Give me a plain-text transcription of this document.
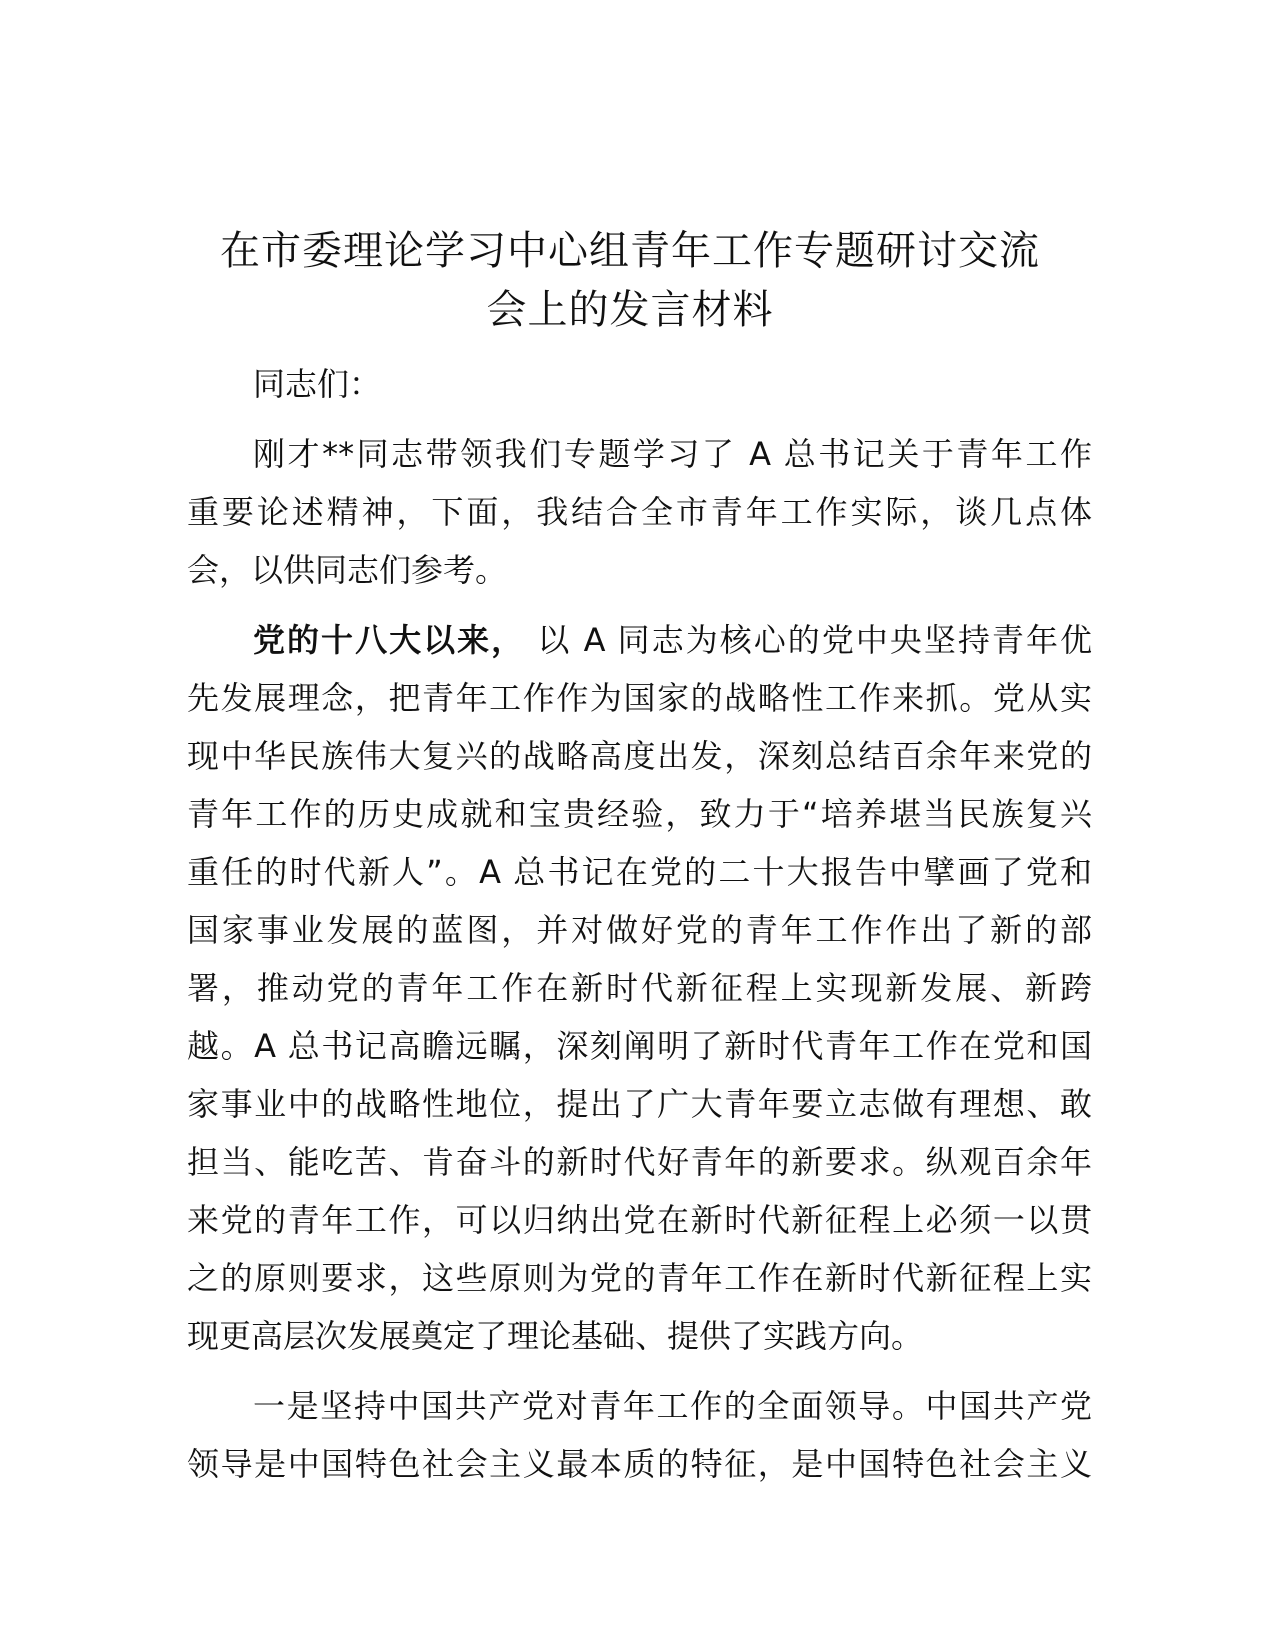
在市委理论学习中心组青年工作专题研讨交流
会上的发言材料

同志们：

刚才**同志带领我们专题学习了 A 总书记关于青年工作
重要论述精神，下面，我结合全市青年工作实际，谈几点体
会，以供同志们参考。

党的十八大以来， 以 A 同志为核心的党中央坚持青年优
先发展理念，把青年工作作为国家的战略性工作来抓。党从实
现中华民族伟大复兴的战略高度出发，深刻总结百余年来党的
青年工作的历史成就和宝贵经验，致力于“培养堪当民族复兴
重任的时代新人”。A 总书记在党的二十大报告中擘画了党和
国家事业发展的蓝图，并对做好党的青年工作作出了新的部
署，推动党的青年工作在新时代新征程上实现新发展、新跨
越。A 总书记高瞻远瞩，深刻阐明了新时代青年工作在党和国
家事业中的战略性地位，提出了广大青年要立志做有理想、敢
担当、能吃苦、肯奋斗的新时代好青年的新要求。纵观百余年
来党的青年工作，可以归纳出党在新时代新征程上必须一以贯
之的原则要求，这些原则为党的青年工作在新时代新征程上实
现更高层次发展奠定了理论基础、提供了实践方向。

一是坚持中国共产党对青年工作的全面领导。中国共产党
领导是中国特色社会主义最本质的特征，是中国特色社会主义
